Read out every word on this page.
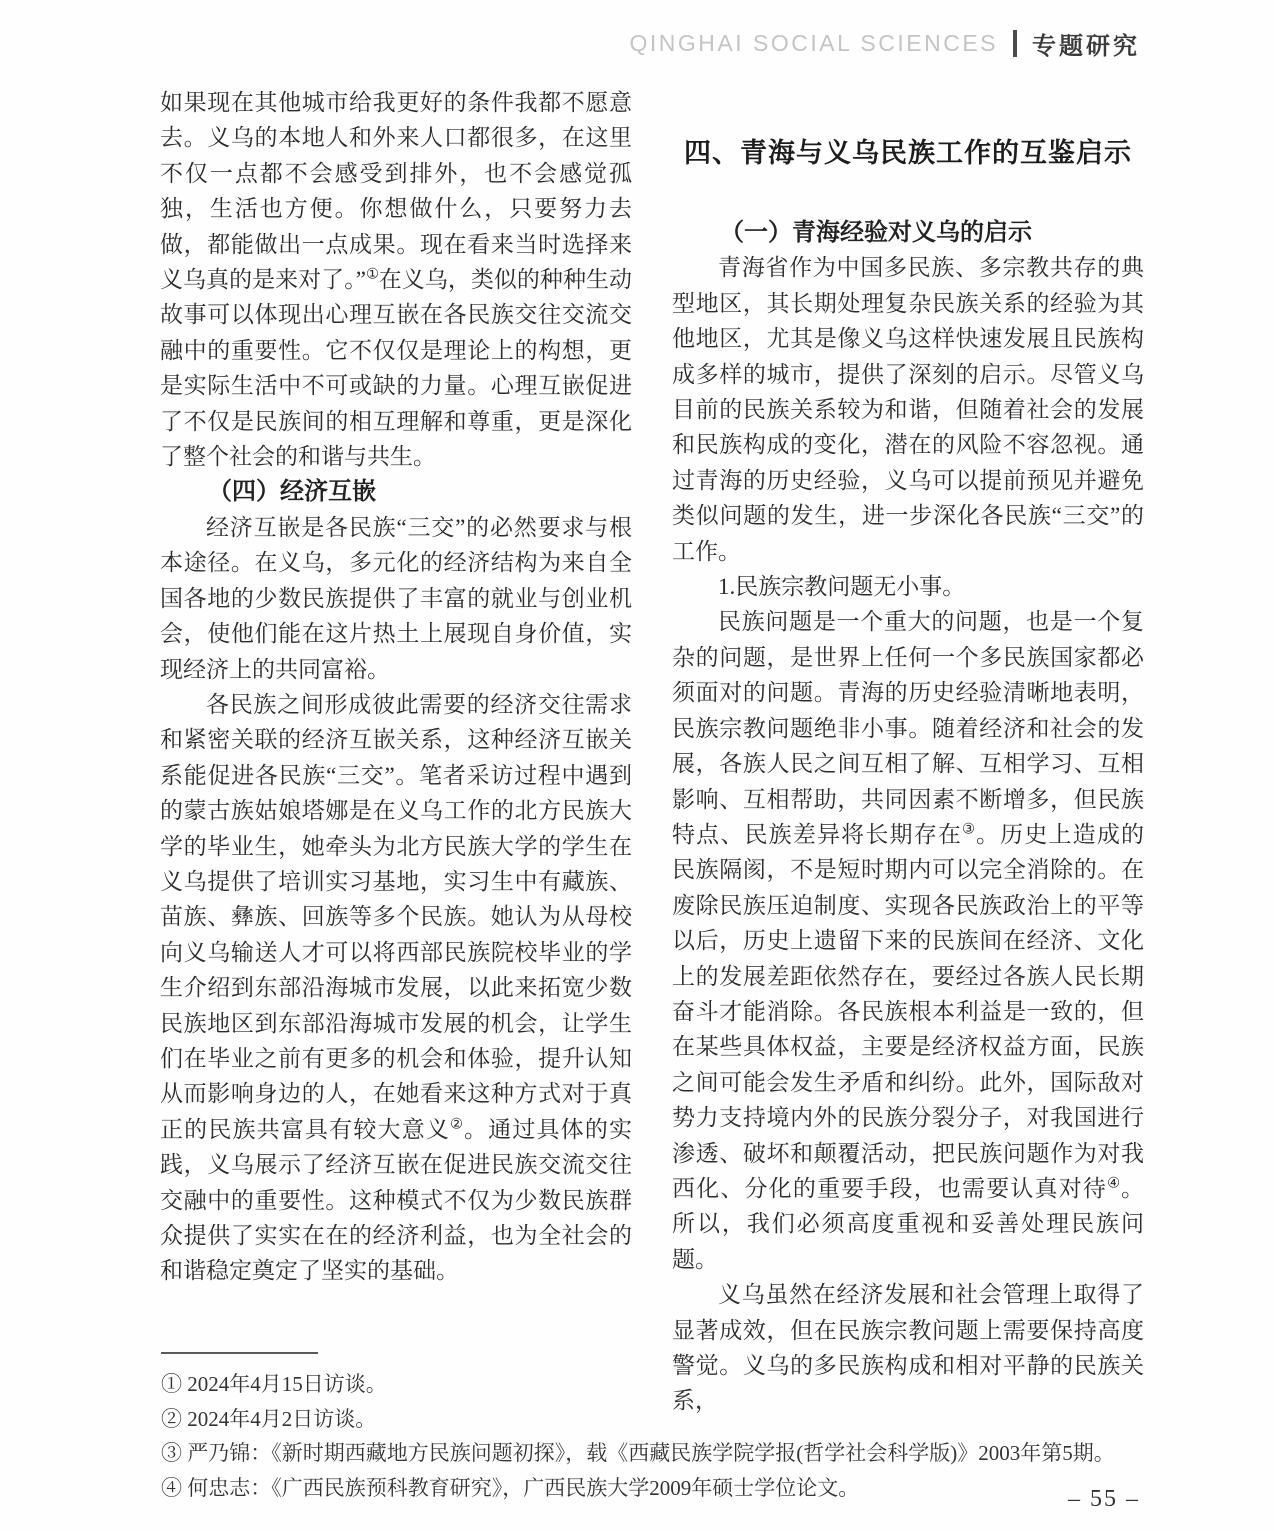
QINGHAI SOCIAL SCIENCES 专题研究

如果现在其他城市给我更好的条件我都不愿意去。义乌的本地人和外来人口都很多，在这里不仅一点都不会感受到排外，也不会感觉孤独，生活也方便。你想做什么，只要努力去做，都能做出一点成果。现在看来当时选择来义乌真的是来对了。”①在义乌，类似的种种生动故事可以体现出心理互嵌在各民族交往交流交融中的重要性。它不仅仅是理论上的构想，更是实际生活中不可或缺的力量。心理互嵌促进了不仅是民族间的相互理解和尊重，更是深化了整个社会的和谐与共生。

（四）经济互嵌

经济互嵌是各民族“三交”的必然要求与根本途径。在义乌，多元化的经济结构为来自全国各地的少数民族提供了丰富的就业与创业机会，使他们能在这片热土上展现自身价值，实现经济上的共同富裕。

各民族之间形成彼此需要的经济交往需求和紧密关联的经济互嵌关系，这种经济互嵌关系能促进各民族“三交”。笔者采访过程中遇到的蒙古族姑娘塔娜是在义乌工作的北方民族大学的毕业生，她牵头为北方民族大学的学生在义乌提供了培训实习基地，实习生中有藏族、苗族、彝族、回族等多个民族。她认为从母校向义乌输送人才可以将西部民族院校毕业的学生介绍到东部沿海城市发展，以此来拓宽少数民族地区到东部沿海城市发展的机会，让学生们在毕业之前有更多的机会和体验，提升认知从而影响身边的人，在她看来这种方式对于真正的民族共富具有较大意义②。通过具体的实践，义乌展示了经济互嵌在促进民族交流交往交融中的重要性。这种模式不仅为少数民族群众提供了实实在在的经济利益，也为全社会的和谐稳定奠定了坚实的基础。

四、青海与义乌民族工作的互鉴启示
（一）青海经验对义乌的启示

青海省作为中国多民族、多宗教共存的典型地区，其长期处理复杂民族关系的经验为其他地区，尤其是像义乌这样快速发展且民族构成多样的城市，提供了深刻的启示。尽管义乌目前的民族关系较为和谐，但随着社会的发展和民族构成的变化，潜在的风险不容忽视。通过青海的历史经验，义乌可以提前预见并避免类似问题的发生，进一步深化各民族“三交”的工作。

1.民族宗教问题无小事。

民族问题是一个重大的问题，也是一个复杂的问题，是世界上任何一个多民族国家都必须面对的问题。青海的历史经验清晰地表明，民族宗教问题绝非小事。随着经济和社会的发展，各族人民之间互相了解、互相学习、互相影响、互相帮助，共同因素不断增多，但民族特点、民族差异将长期存在③。历史上造成的民族隔阂，不是短时期内可以完全消除的。在废除民族压迫制度、实现各民族政治上的平等以后，历史上遗留下来的民族间在经济、文化上的发展差距依然存在，要经过各族人民长期奋斗才能消除。各民族根本利益是一致的，但在某些具体权益，主要是经济权益方面，民族之间可能会发生矛盾和纠纷。此外，国际敌对势力支持境内外的民族分裂分子，对我国进行渗透、破坏和颠覆活动，把民族问题作为对我西化、分化的重要手段，也需要认真对待④。所以，我们必须高度重视和妥善处理民族问题。

义乌虽然在经济发展和社会管理上取得了显著成效，但在民族宗教问题上需要保持高度警觉。义乌的多民族构成和相对平静的民族关系，

① 2024年4月15日访谈。
② 2024年4月2日访谈。
③ 严乃锦：《新时期西藏地方民族问题初探》，载《西藏民族学院学报(哲学社会科学版)》2003年第5期。
④ 何忠志：《广西民族预科教育研究》，广西民族大学2009年硕士学位论文。	– 55 –
